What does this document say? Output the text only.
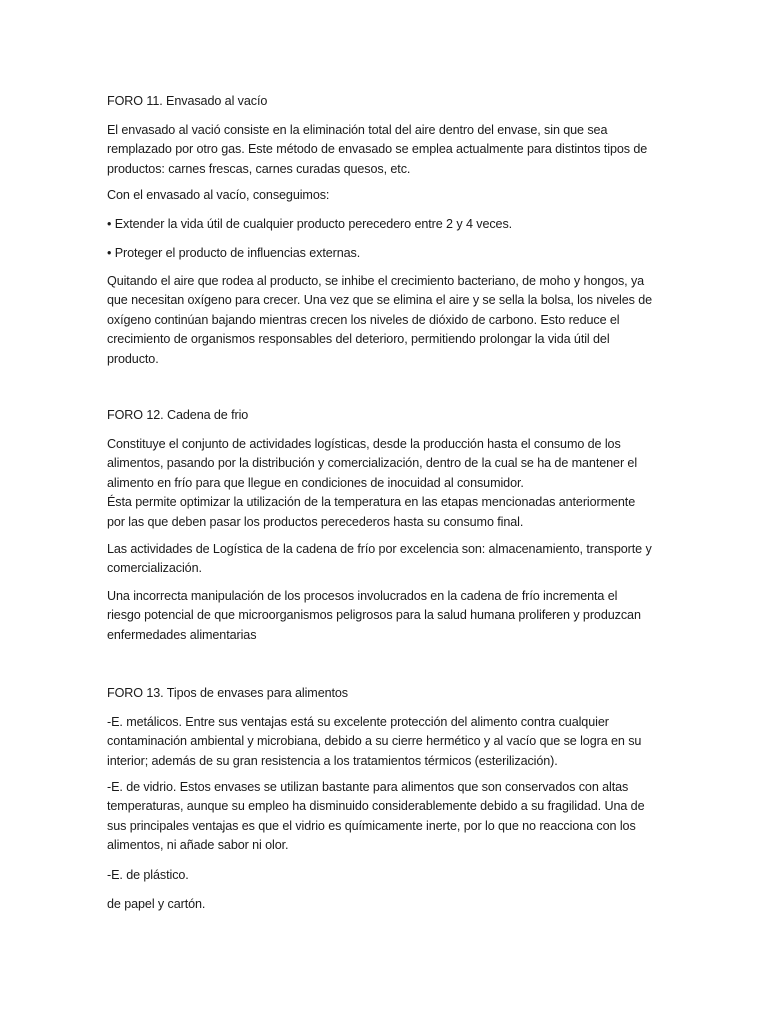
FORO 11. Envasado al vacío

El envasado al vació consiste en la eliminación total del aire dentro del envase, sin que sea
remplazado por otro gas. Este método de envasado se emplea actualmente para distintos tipos de
productos: carnes frescas, carnes curadas quesos, etc.

Con el envasado al vacío, conseguimos:

• Extender la vida útil de cualquier producto perecedero entre 2 y 4 veces.

• Proteger el producto de influencias externas.

Quitando el aire que rodea al producto, se inhibe el crecimiento bacteriano, de moho y hongos, ya
que necesitan oxígeno para crecer. Una vez que se elimina el aire y se sella la bolsa, los niveles de
oxígeno continúan bajando mientras crecen los niveles de dióxido de carbono. Esto reduce el
crecimiento de organismos responsables del deterioro, permitiendo prolongar la vida útil del
producto.

FORO 12. Cadena de frio

Constituye el conjunto de actividades logísticas, desde la producción hasta el consumo de los
alimentos, pasando por la distribución y comercialización, dentro de la cual se ha de mantener el
alimento en frío para que llegue en condiciones de inocuidad al consumidor.
Ésta permite optimizar la utilización de la temperatura en las etapas mencionadas anteriormente
por las que deben pasar los productos perecederos hasta su consumo final.

Las actividades de Logística de la cadena de frío por excelencia son: almacenamiento, transporte y
comercialización.

Una incorrecta manipulación de los procesos involucrados en la cadena de frío incrementa el
riesgo potencial de que microorganismos peligrosos para la salud humana proliferen y produzcan
enfermedades alimentarias

FORO 13. Tipos de envases para alimentos

-E. metálicos. Entre sus ventajas está su excelente protección del alimento contra cualquier
contaminación ambiental y microbiana, debido a su cierre hermético y al vacío que se logra en su
interior; además de su gran resistencia a los tratamientos térmicos (esterilización).

-E. de vidrio. Estos envases se utilizan bastante para alimentos que son conservados con altas
temperaturas, aunque su empleo ha disminuido considerablemente debido a su fragilidad. Una de
sus principales ventajas es que el vidrio es químicamente inerte, por lo que no reacciona con los
alimentos, ni añade sabor ni olor.

-E. de plástico.

de papel y cartón.
